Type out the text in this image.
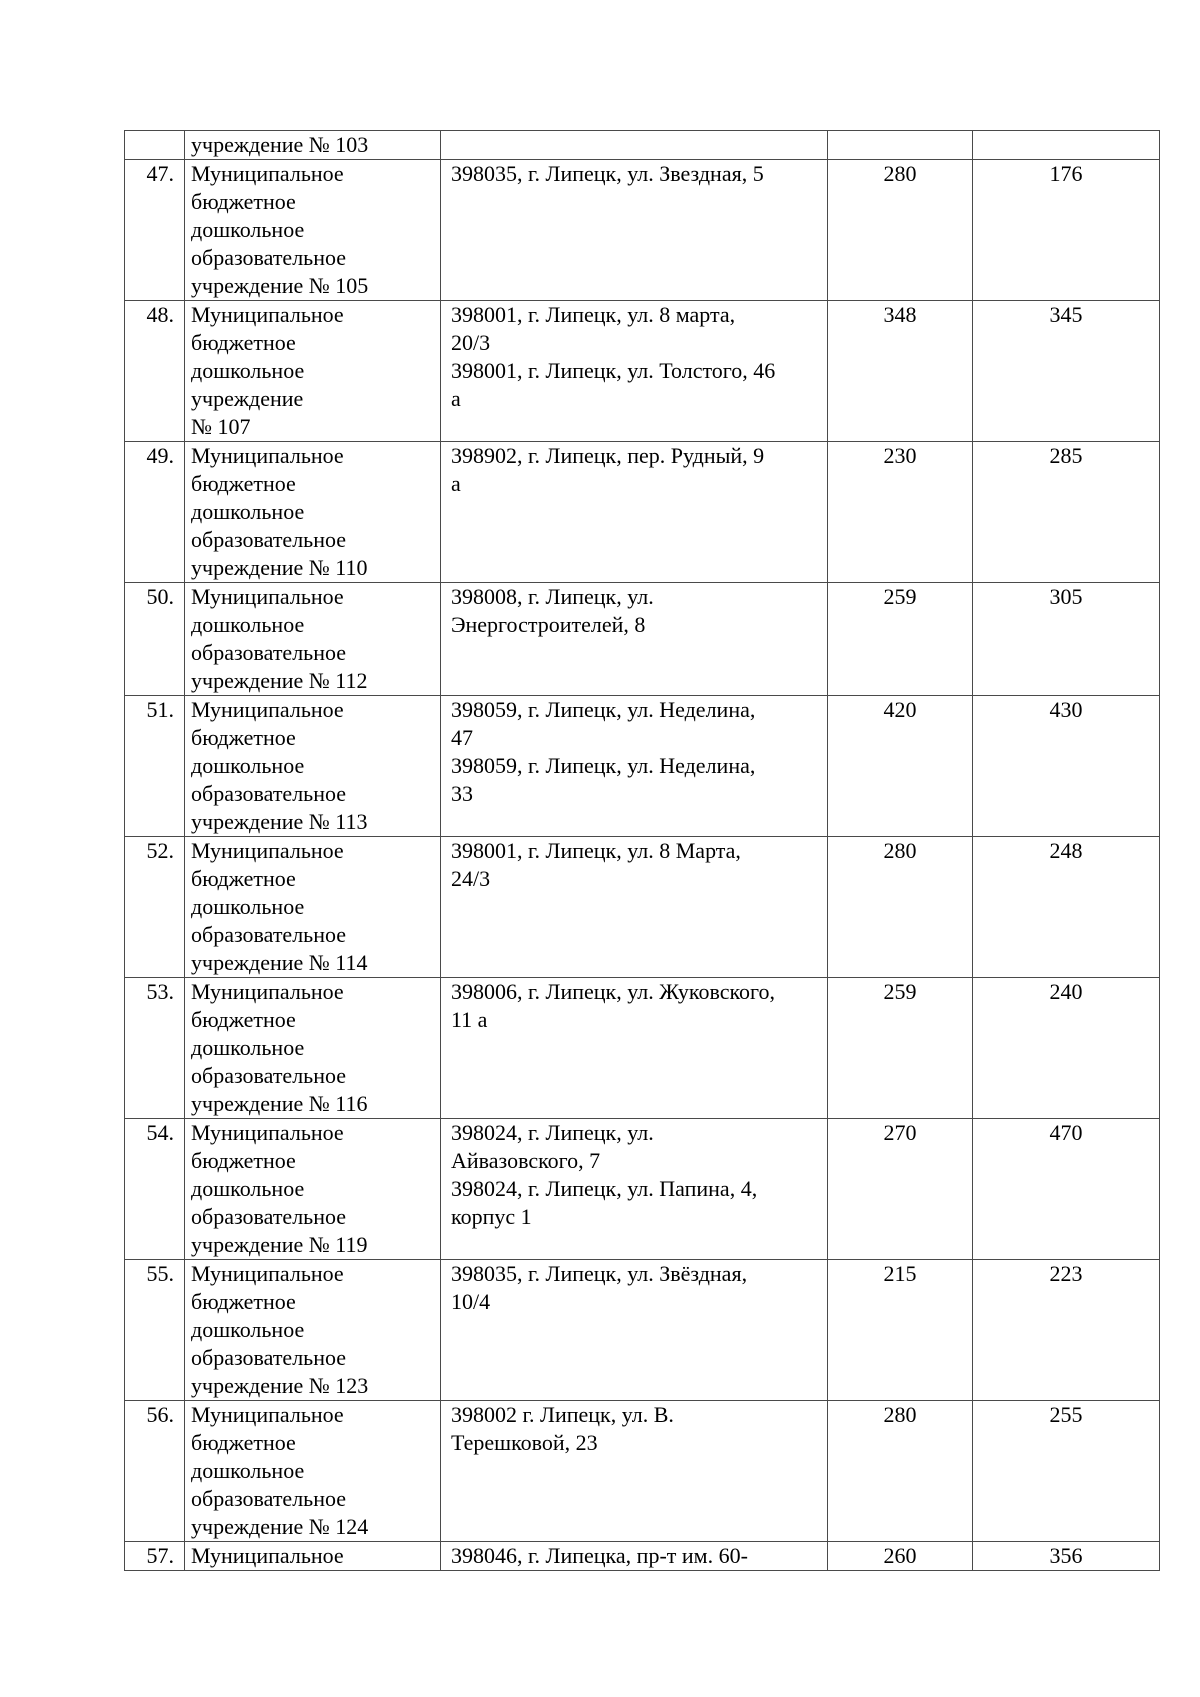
	учреждение № 103			
47.	Муниципальное
бюджетное
дошкольное
образовательное
учреждение № 105	398035, г. Липецк, ул. Звездная, 5	280	176
48.	Муниципальное
бюджетное
дошкольное
учреждение
№ 107	398001, г. Липецк, ул. 8 марта,
20/3
398001, г. Липецк, ул. Толстого, 46
а	348	345
49.	Муниципальное
бюджетное
дошкольное
образовательное
учреждение № 110	398902, г. Липецк, пер. Рудный, 9
а	230	285
50.	Муниципальное
дошкольное
образовательное
учреждение № 112	398008, г. Липецк, ул.
Энергостроителей, 8	259	305
51.	Муниципальное
бюджетное
дошкольное
образовательное
учреждение № 113	398059, г. Липецк, ул. Неделина,
47
398059, г. Липецк, ул. Неделина,
33	420	430
52.	Муниципальное
бюджетное
дошкольное
образовательное
учреждение № 114	398001, г. Липецк, ул. 8 Марта,
24/3	280	248
53.	Муниципальное
бюджетное
дошкольное
образовательное
учреждение № 116	398006, г. Липецк, ул. Жуковского,
11 а	259	240
54.	Муниципальное
бюджетное
дошкольное
образовательное
учреждение № 119	398024, г. Липецк, ул.
Айвазовского, 7
398024, г. Липецк, ул. Папина, 4,
корпус 1	270	470
55.	Муниципальное
бюджетное
дошкольное
образовательное
учреждение № 123	398035, г. Липецк, ул. Звёздная,
10/4	215	223
56.	Муниципальное
бюджетное
дошкольное
образовательное
учреждение № 124	398002 г. Липецк, ул. В.
Терешковой, 23	280	255
57.	Муниципальное	398046, г. Липецка, пр-т им. 60-	260	356
